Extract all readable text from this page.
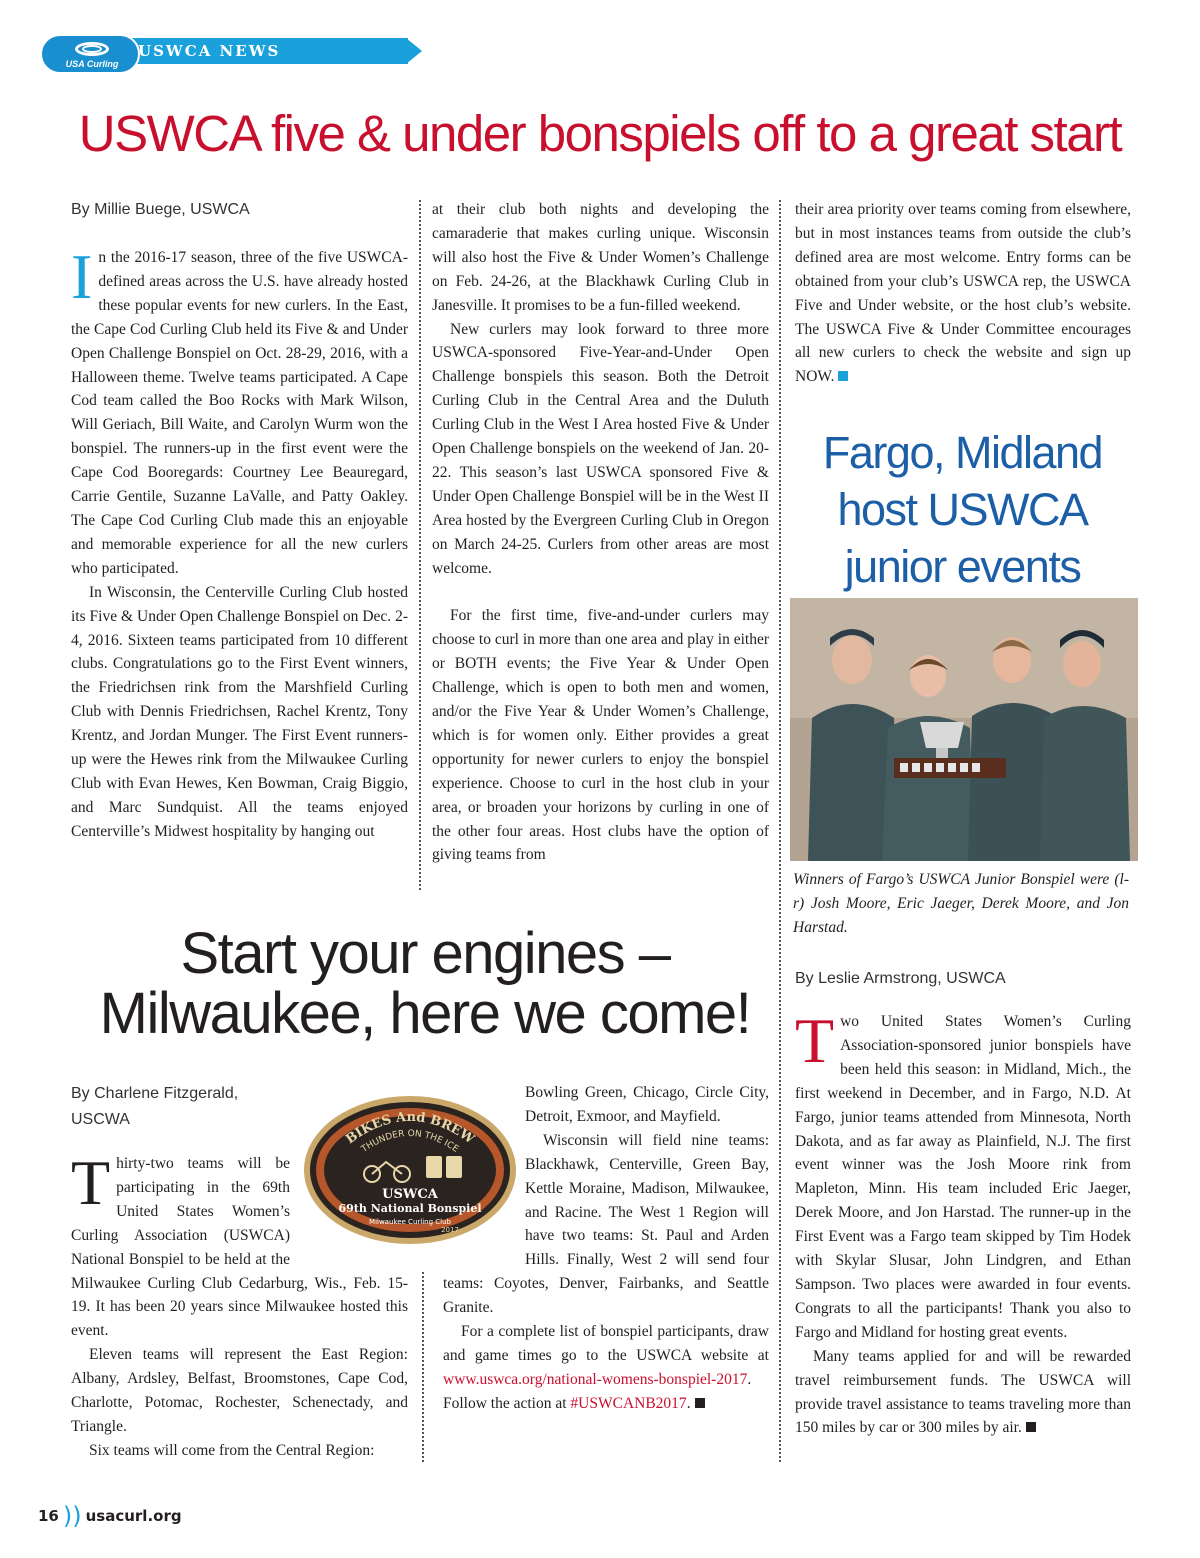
USA Curling
USWCA NEWS
USWCA five & under bonspiels off to a great start
By Millie Buege, USWCA

In the 2016-17 season, three of the five USWCA-defined areas across the U.S. have already hosted these popular events for new curlers. In the East, the Cape Cod Curling Club held its Five & and Under Open Challenge Bonspiel on Oct. 28-29, 2016, with a Halloween theme. Twelve teams participated. A Cape Cod team called the Boo Rocks with Mark Wilson, Will Geriach, Bill Waite, and Carolyn Wurm won the bonspiel. The runners-up in the first event were the Cape Cod Booregards: Courtney Lee Beauregard, Carrie Gentile, Suzanne LaValle, and Patty Oakley. The Cape Cod Curling Club made this an enjoyable and memorable experience for all the new curlers who participated.

In Wisconsin, the Centerville Curling Club hosted its Five & Under Open Challenge Bonspiel on Dec. 2-4, 2016. Sixteen teams participated from 10 different clubs. Congratulations go to the First Event winners, the Friedrichsen rink from the Marshfield Curling Club with Dennis Friedrichsen, Rachel Krentz, Tony Krentz, and Jordan Munger. The First Event runners-up were the Hewes rink from the Milwaukee Curling Club with Evan Hewes, Ken Bowman, Craig Biggio, and Marc Sundquist. All the teams enjoyed Centerville’s Midwest hospitality by hanging out

at their club both nights and developing the camaraderie that makes curling unique. Wisconsin will also host the Five & Under Women’s Challenge on Feb. 24-26, at the Blackhawk Curling Club in Janesville. It promises to be a fun-filled weekend.

New curlers may look forward to three more USWCA-sponsored Five-Year-and-Under Open Challenge bonspiels this season. Both the Detroit Curling Club in the Central Area and the Duluth Curling Club in the West I Area hosted Five & Under Open Challenge bonspiels on the weekend of Jan. 20-22. This season’s last USWCA sponsored Five & Under Open Challenge Bonspiel will be in the West II Area hosted by the Evergreen Curling Club in Oregon on March 24-25. Curlers from other areas are most welcome.

For the first time, five-and-under curlers may choose to curl in more than one area and play in either or BOTH events; the Five Year & Under Open Challenge, which is open to both men and women, and/or the Five Year & Under Women’s Challenge, which is for women only. Either provides a great opportunity for newer curlers to enjoy the bonspiel experience. Choose to curl in the host club in your area, or broaden your horizons by curling in one of the other four areas. Host clubs have the option of giving teams from

their area priority over teams coming from elsewhere, but in most instances teams from outside the club’s defined area are most welcome. Entry forms can be obtained from your club’s USWCA rep, the USWCA Five and Under website, or the host club’s website. The USWCA Five & Under Committee encourages all new curlers to check the website and sign up NOW.

Fargo, Midland
host USWCA
junior events
Winners of Fargo’s USWCA Junior Bonspiel were (l-r) Josh Moore, Eric Jaeger, Derek Moore, and Jon Harstad.
By Leslie Armstrong, USWCA

Two United States Women’s Curling Association-sponsored junior bonspiels have been held this season: in Midland, Mich., the first weekend in December, and in Fargo, N.D. At Fargo, junior teams attended from Minnesota, North Dakota, and as far away as Plainfield, N.J. The first event winner was the Josh Moore rink from Mapleton, Minn. His team included Eric Jaeger, Derek Moore, and Jon Harstad. The runner-up in the First Event was a Fargo team skipped by Tim Hodek with Skylar Slusar, John Lindgren, and Ethan Sampson. Two places were awarded in four events. Congrats to all the participants! Thank you also to Fargo and Midland for hosting great events.

Many teams applied for and will be rewarded travel reimbursement funds. The USWCA will provide travel assistance to teams traveling more than 150 miles by car or 300 miles by air.

Start your engines –
Milwaukee, here we come!
By Charlene Fitzgerald,
USCWA
BIKES And BREW
THUNDER ON THE ICE
USWCA
69th National Bonspiel
Milwaukee Curling Club
2017

Thirty-two teams will be participating in the 69th United States Women’s Curling Association (USWCA) National Bonspiel to be held at the Milwaukee Curling Club Cedarburg, Wis., Feb. 15-19. It has been 20 years since Milwaukee hosted this event.

Eleven teams will represent the East Region: Albany, Ardsley, Belfast, Broomstones, Cape Cod, Charlotte, Potomac, Rochester, Schenectady, and Triangle.

Six teams will come from the Central Region:

Bowling Green, Chicago, Circle City, Detroit, Exmoor, and Mayfield.

Wisconsin will field nine teams: Blackhawk, Centerville, Green Bay, Kettle Moraine, Madison, Milwaukee, and Racine. The West 1 Region will have two teams: St. Paul and Arden Hills. Finally, West 2 will send four teams: Coyotes, Denver, Fairbanks, and Seattle Granite.

For a complete list of bonspiel participants, draw and game times go to the USWCA website at www.uswca.org/national-womens-bonspiel-2017. Follow the action at #USWCANB2017.

16 )) usacurl.org
